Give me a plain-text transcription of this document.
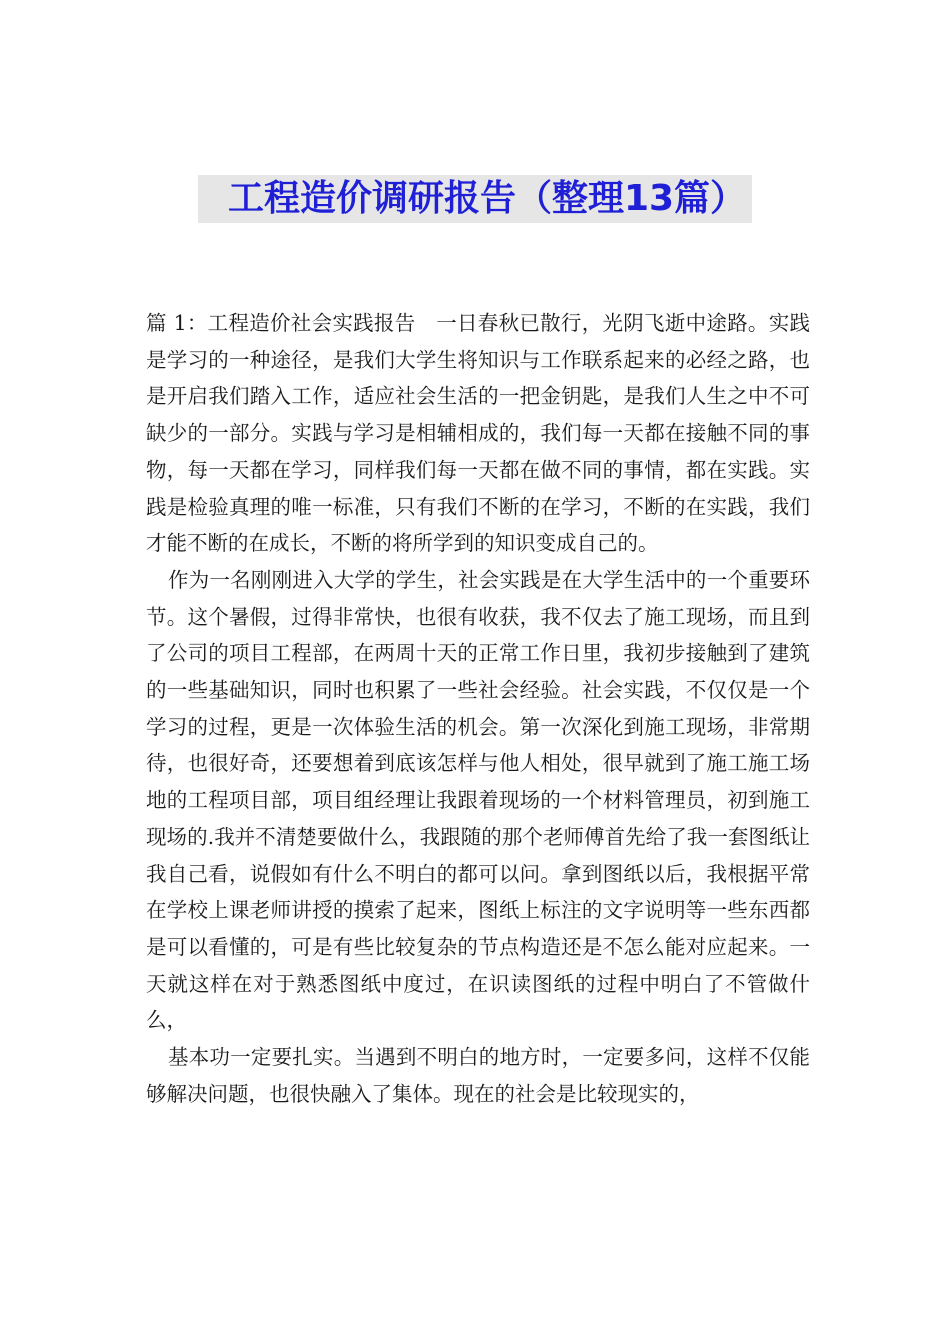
工程造价调研报告（整理13篇）

篇 1：工程造价社会实践报告　一日春秋已散行，光阴飞逝中途路。实践是学习的一种途径，是我们大学生将知识与工作联系起来的必经之路，也是开启我们踏入工作，适应社会生活的一把金钥匙，是我们人生之中不可缺少的一部分。实践与学习是相辅相成的，我们每一天都在接触不同的事物，每一天都在学习，同样我们每一天都在做不同的事情，都在实践。实践是检验真理的唯一标准，只有我们不断的在学习，不断的在实践，我们才能不断的在成长，不断的将所学到的知识变成自己的。

作为一名刚刚进入大学的学生，社会实践是在大学生活中的一个重要环节。这个暑假，过得非常快，也很有收获，我不仅去了施工现场，而且到了公司的项目工程部，在两周十天的正常工作日里，我初步接触到了建筑的一些基础知识，同时也积累了一些社会经验。社会实践，不仅仅是一个学习的过程，更是一次体验生活的机会。第一次深化到施工现场，非常期待，也很好奇，还要想着到底该怎样与他人相处，很早就到了施工施工场地的工程项目部，项目组经理让我跟着现场的一个材料管理员，初到施工现场的.我并不清楚要做什么，我跟随的那个老师傅首先给了我一套图纸让我自己看，说假如有什么不明白的都可以问。拿到图纸以后，我根据平常在学校上课老师讲授的摸索了起来，图纸上标注的文字说明等一些东西都是可以看懂的，可是有些比较复杂的节点构造还是不怎么能对应起来。一天就这样在对于熟悉图纸中度过，在识读图纸的过程中明白了不管做什么，

基本功一定要扎实。当遇到不明白的地方时，一定要多问，这样不仅能够解决问题，也很快融入了集体。现在的社会是比较现实的，
